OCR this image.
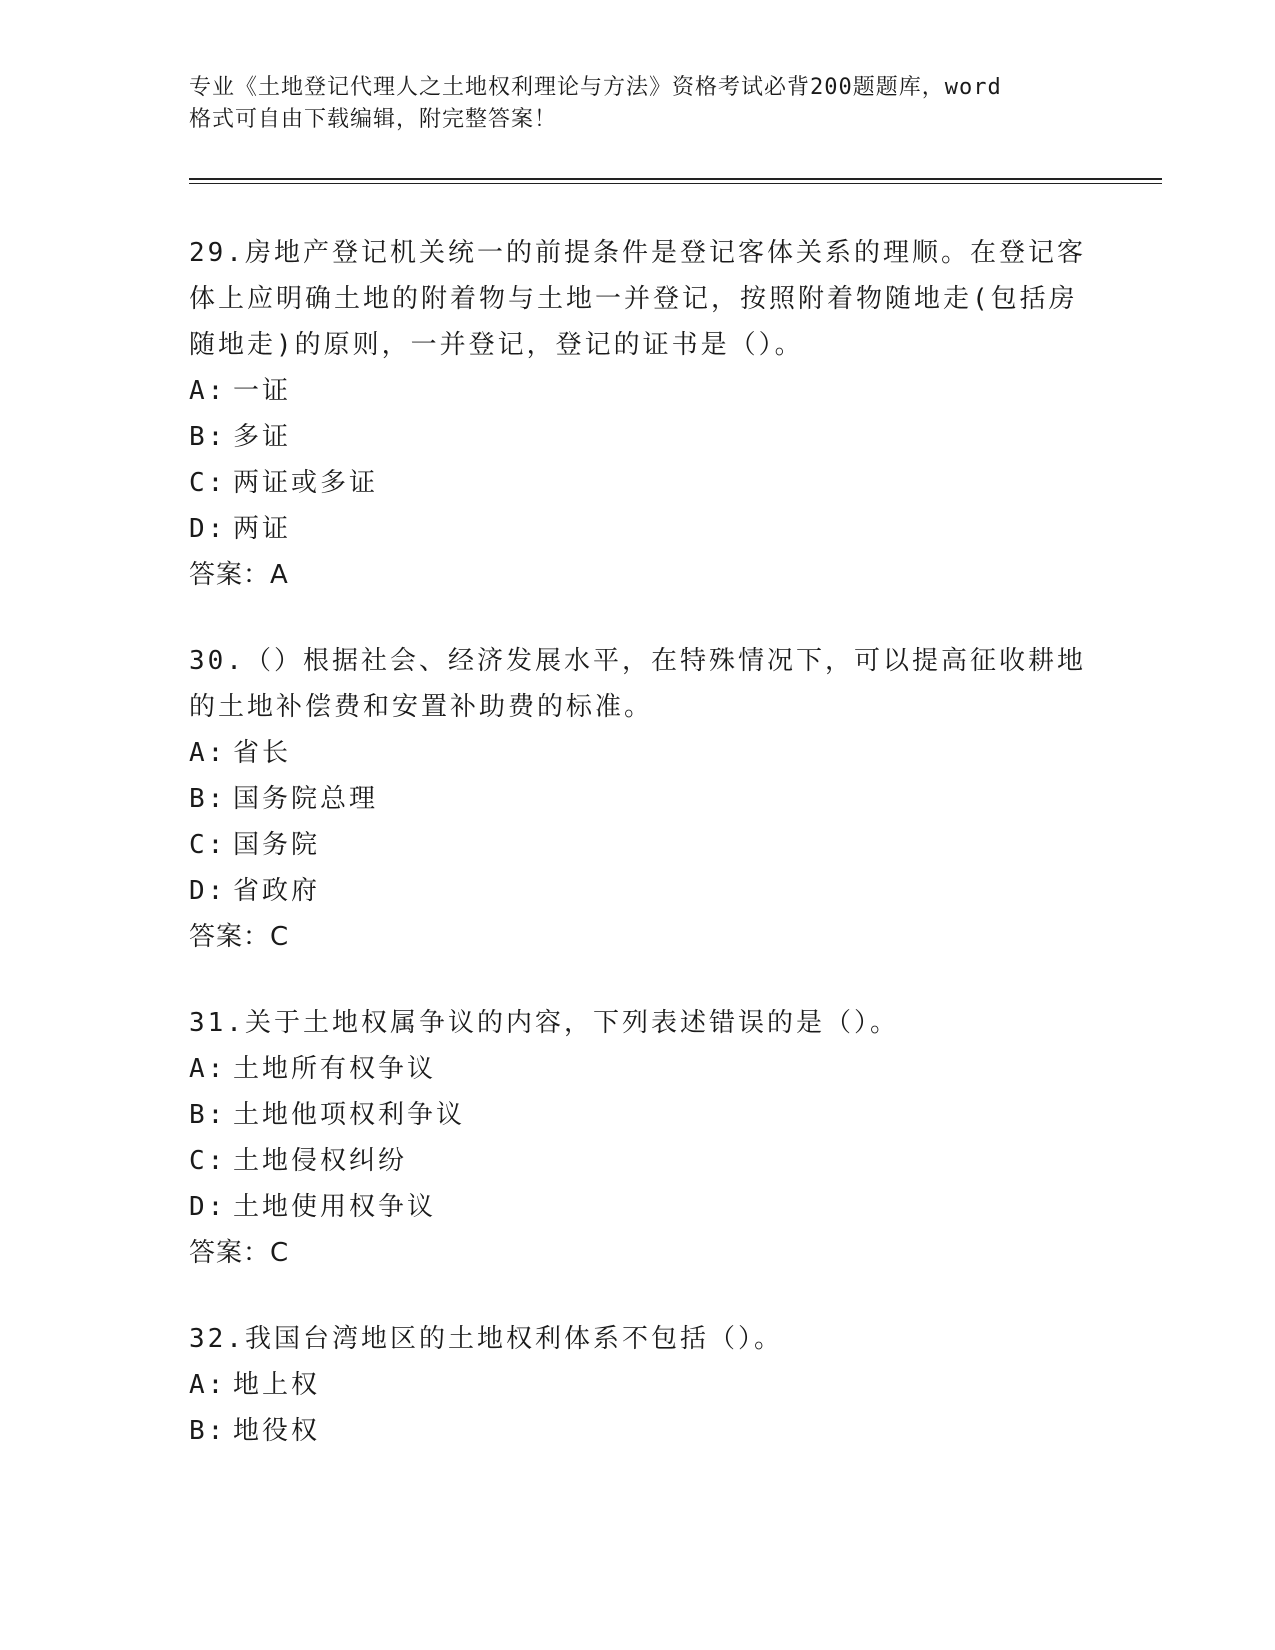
专业《土地登记代理人之土地权利理论与方法》资格考试必背200题题库，word
格式可自由下载编辑，附完整答案！
29.房地产登记机关统一的前提条件是登记客体关系的理顺。在登记客
体上应明确土地的附着物与土地一并登记，按照附着物随地走(包括房
随地走)的原则，一并登记，登记的证书是（）。
A: 一证
B: 多证
C: 两证或多证
D: 两证
答案：A
30.（）根据社会、经济发展水平，在特殊情况下，可以提高征收耕地
的土地补偿费和安置补助费的标准。
A: 省长
B: 国务院总理
C: 国务院
D: 省政府
答案：C
31.关于土地权属争议的内容，下列表述错误的是（）。
A: 土地所有权争议
B: 土地他项权利争议
C: 土地侵权纠纷
D: 土地使用权争议
答案：C
32.我国台湾地区的土地权利体系不包括（）。
A: 地上权
B: 地役权
